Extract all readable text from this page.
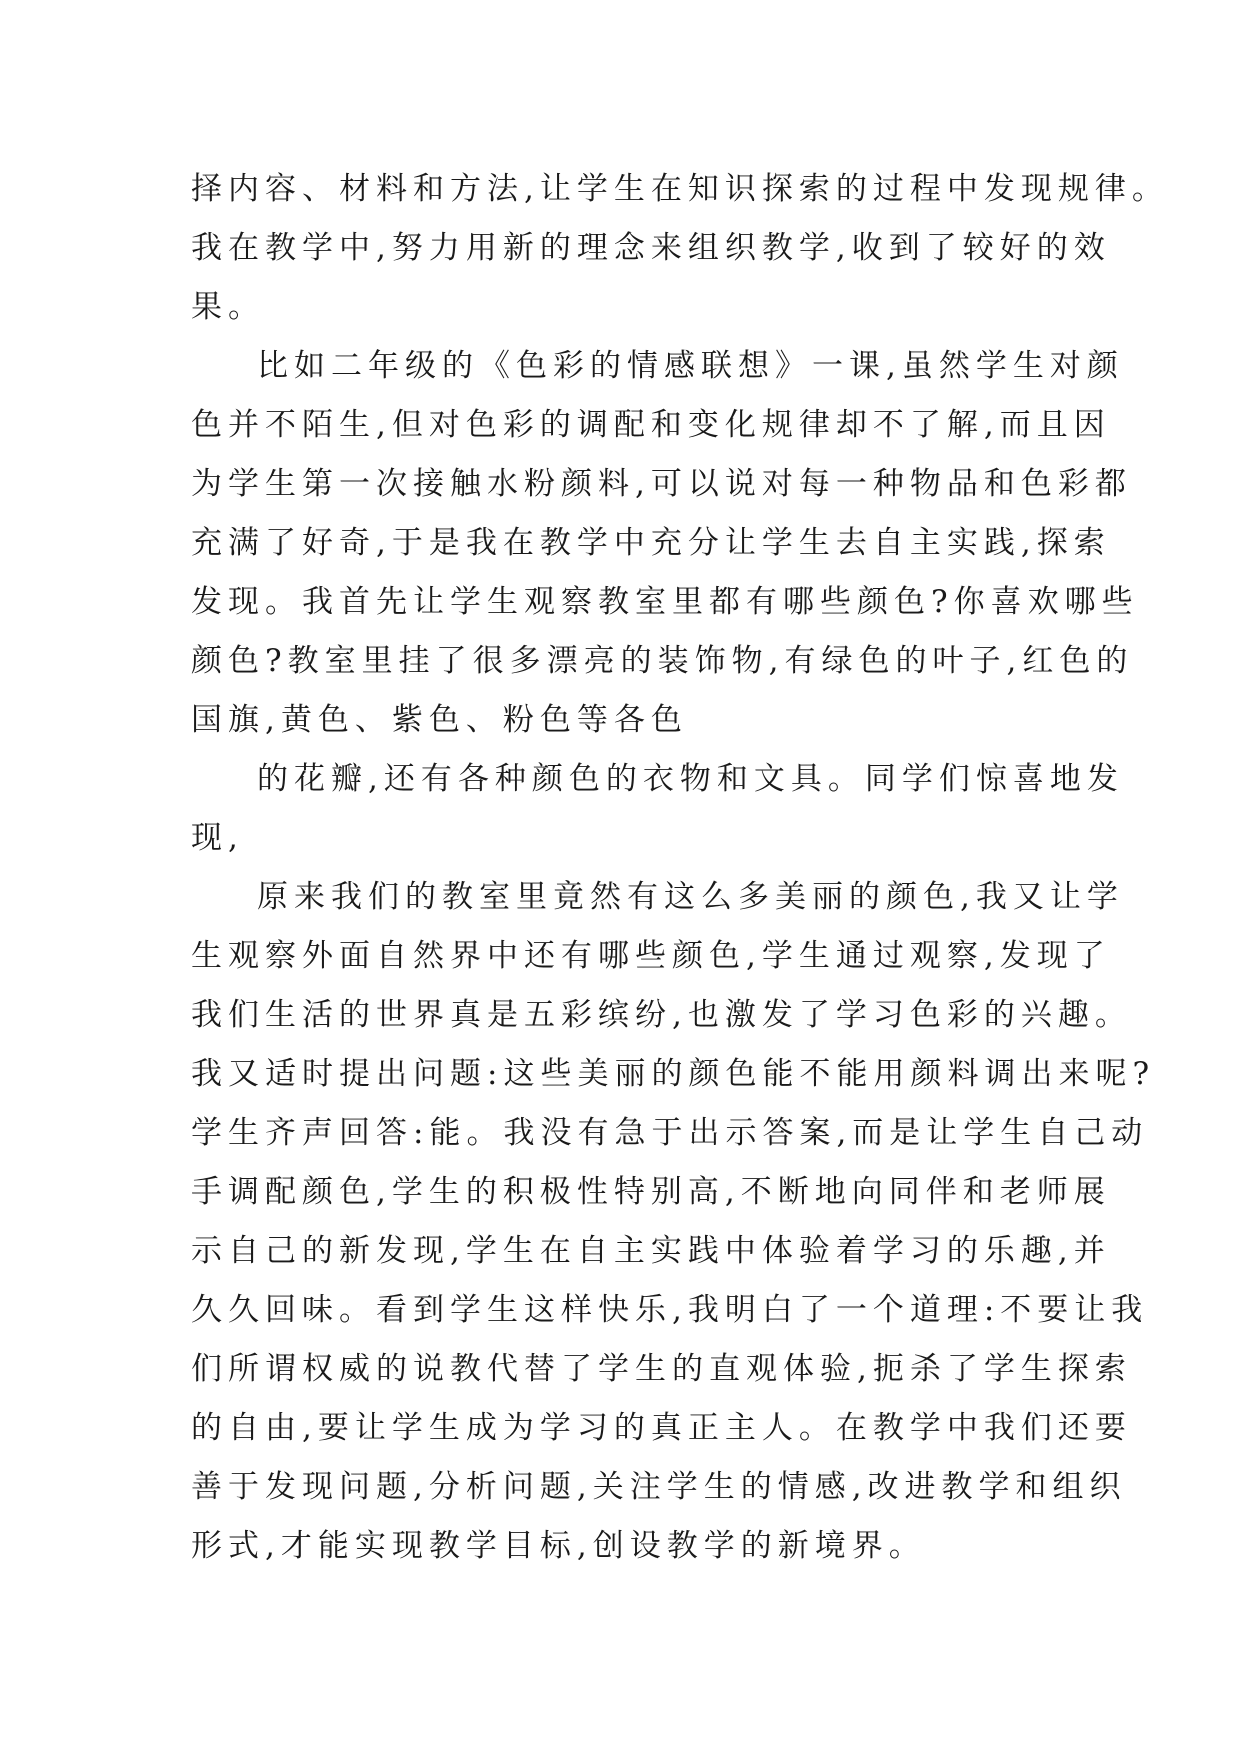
择内容、材料和方法,让学生在知识探索的过程中发现规律。
我在教学中,努力用新的理念来组织教学,收到了较好的效
果。
比如二年级的《色彩的情感联想》一课,虽然学生对颜
色并不陌生,但对色彩的调配和变化规律却不了解,而且因
为学生第一次接触水粉颜料,可以说对每一种物品和色彩都
充满了好奇,于是我在教学中充分让学生去自主实践,探索
发现。我首先让学生观察教室里都有哪些颜色?你喜欢哪些
颜色?教室里挂了很多漂亮的装饰物,有绿色的叶子,红色的
国旗,黄色、紫色、粉色等各色
的花瓣,还有各种颜色的衣物和文具。同学们惊喜地发
现,
原来我们的教室里竟然有这么多美丽的颜色,我又让学
生观察外面自然界中还有哪些颜色,学生通过观察,发现了
我们生活的世界真是五彩缤纷,也激发了学习色彩的兴趣。
我又适时提出问题:这些美丽的颜色能不能用颜料调出来呢?
学生齐声回答:能。我没有急于出示答案,而是让学生自己动
手调配颜色,学生的积极性特别高,不断地向同伴和老师展
示自己的新发现,学生在自主实践中体验着学习的乐趣,并
久久回味。看到学生这样快乐,我明白了一个道理:不要让我
们所谓权威的说教代替了学生的直观体验,扼杀了学生探索
的自由,要让学生成为学习的真正主人。在教学中我们还要
善于发现问题,分析问题,关注学生的情感,改进教学和组织
形式,才能实现教学目标,创设教学的新境界。
